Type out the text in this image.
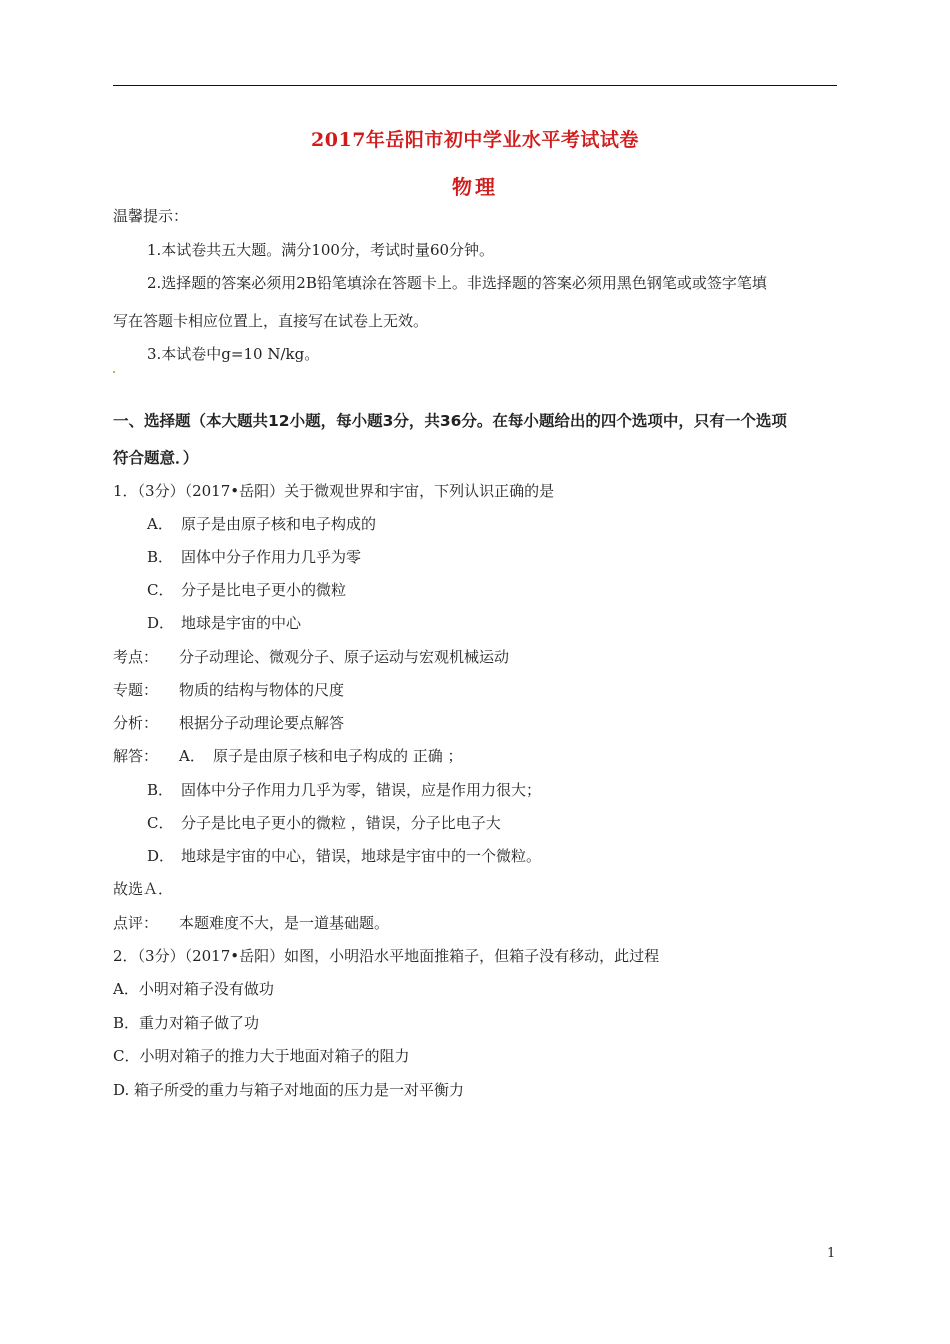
2017年岳阳市初中学业水平考试试卷
物理
温馨提示：
1.本试卷共五大题。满分100分，考试时量60分钟。
2.选择题的答案必须用2B铅笔填涂在答题卡上。非选择题的答案必须用黑色钢笔或或签字笔填
写在答题卡相应位置上，直接写在试卷上无效。
3.本试卷中g=10 N/kg。
一、选择题（本大题共12小题，每小题3分，共36分。在每小题给出的四个选项中，只有一个选项
符合题意．）
1．（3分）（2017•岳阳）关于微观世界和宇宙，下列认识正确的是
A． 原子是由原子核和电子构成的
B． 固体中分子作用力几乎为零
C． 分子是比电子更小的微粒
D． 地球是宇宙的中心
考点： 分子动理论、微观分子、原子运动与宏观机械运动
专题： 物质的结构与物体的尺度
分析： 根据分子动理论要点解答
解答： A． 原子是由原子核和电子构成的 正确 ；
B． 固体中分子作用力几乎为零，错误，应是作用力很大；
C． 分子是比电子更小的微粒 ，错误，分子比电子大
D． 地球是宇宙的中心，错误，地球是宇宙中的一个微粒。
故选Ａ．
点评： 本题难度不大，是一道基础题。
2．（3分）（2017•岳阳）如图，小明沿水平地面推箱子，但箱子没有移动，此过程
A．小明对箱子没有做功
B．重力对箱子做了功
C．小明对箱子的推力大于地面对箱子的阻力
D. 箱子所受的重力与箱子对地面的压力是一对平衡力
1
